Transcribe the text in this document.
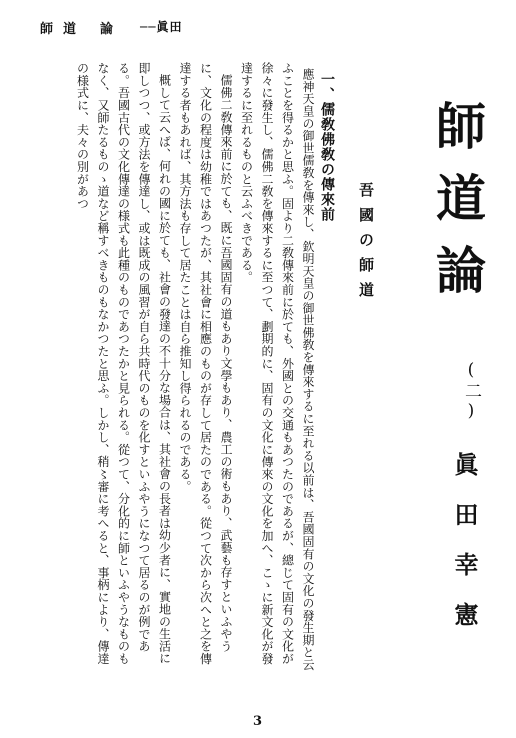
師道 論 ──眞田
師道論
(二)
眞田幸憲
吾國の師道
一、儒敎佛敎の傳來前

應神天皇の御世儒敎を傳來し、欽明天皇の御世佛敎を傳來するに至れる以前は、吾國固有の文化の發生期と云ふことを得るかと思ふ。固より二敎傳來前に於ても、外國との交通もあつたのであるが、總じて固有の文化が徐々に發生し、儒佛二敎を傳來するに至つて、劃期的に、固有の文化に傳來の文化を加へ、こゝに新文化が發達するに至れるものと云ふべきである。

儒佛二敎傳來前に於ても、既に吾國固有の道もあり文學もあり、農工の術もあり、武藝も存すといふやうに、文化の程度は幼稚ではあつたが、其社會に相應のものが存して居たのである。從つて次から次へと之を傳達する者もあれば、其方法も存して居たことは自ら推知し得られるのである。

概して云へば、何れの國に於ても、社會の發達の不十分な場合は、其社會の長者は幼少者に、實地の生活に即しつつ、或方法を傳達し、或は既成の風習が自ら共時代のものを化すといふやうになつて居るのが例である。吾國古代の文化傳達の様式も此種のものであつたかと見られる。從つて、分化的に師といふやうなものもなく、又師たるものゝ道など稱すべきものもなかつたと思ふ。しかし、稍〻審に考へると、事柄により、傳達の様式に、夫々の別があつ

3
